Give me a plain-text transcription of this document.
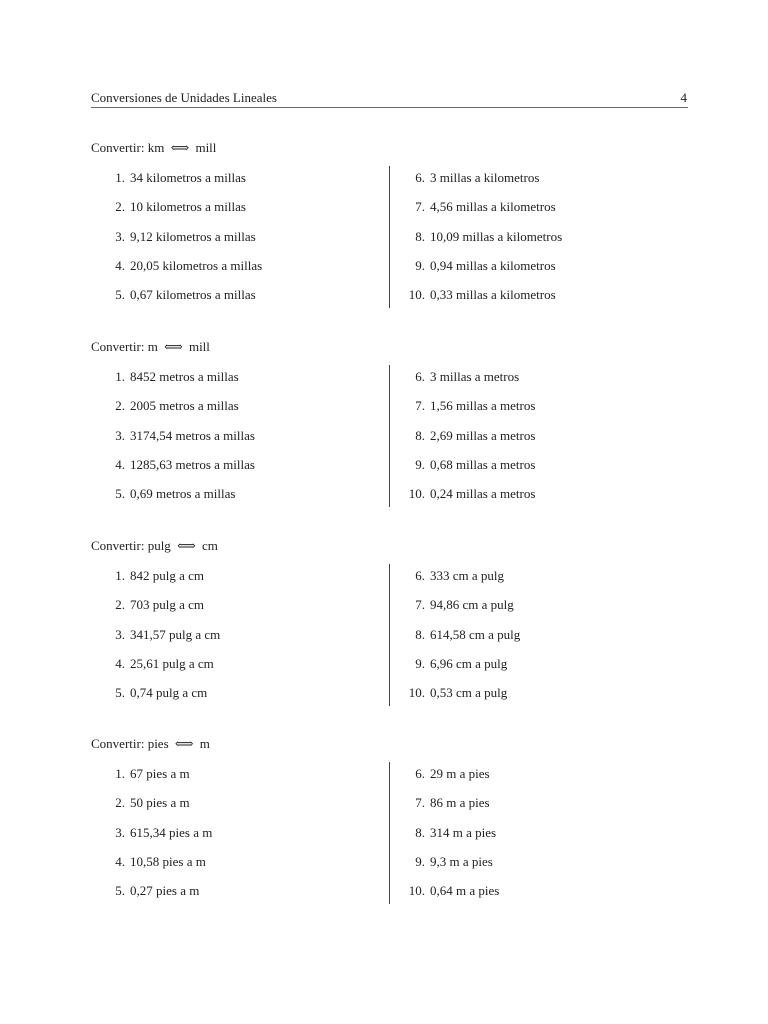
Conversiones de Unidades Lineales	4
Convertir: km ⟺ mill
1. 34 kilometros a millas
2. 10 kilometros a millas
3. 9,12 kilometros a millas
4. 20,05 kilometros a millas
5. 0,67 kilometros a millas
6. 3 millas a kilometros
7. 4,56 millas a kilometros
8. 10,09 millas a kilometros
9. 0,94 millas a kilometros
10. 0,33 millas a kilometros
Convertir: m ⟺ mill
1. 8452 metros a millas
2. 2005 metros a millas
3. 3174,54 metros a millas
4. 1285,63 metros a millas
5. 0,69 metros a millas
6. 3 millas a metros
7. 1,56 millas a metros
8. 2,69 millas a metros
9. 0,68 millas a metros
10. 0,24 millas a metros
Convertir: pulg ⟺ cm
1. 842 pulg a cm
2. 703 pulg a cm
3. 341,57 pulg a cm
4. 25,61 pulg a cm
5. 0,74 pulg a cm
6. 333 cm a pulg
7. 94,86 cm a pulg
8. 614,58 cm a pulg
9. 6,96 cm a pulg
10. 0,53 cm a pulg
Convertir: pies ⟺ m
1. 67 pies a m
2. 50 pies a m
3. 615,34 pies a m
4. 10,58 pies a m
5. 0,27 pies a m
6. 29 m a pies
7. 86 m a pies
8. 314 m a pies
9. 9,3 m a pies
10. 0,64 m a pies
